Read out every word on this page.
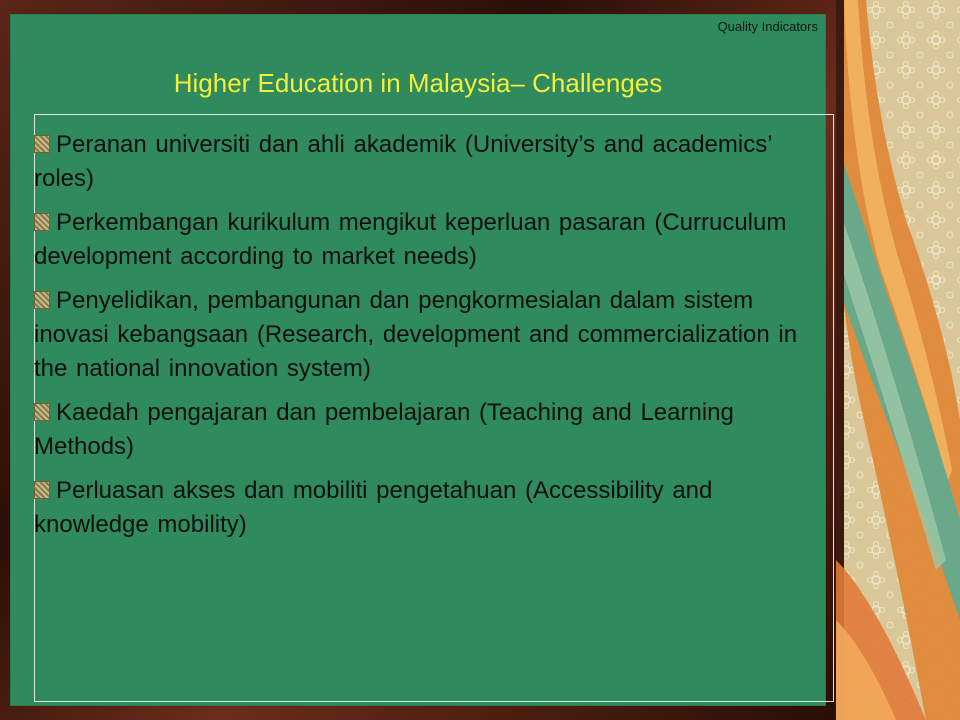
Quality Indicators
Higher Education in Malaysia– Challenges
Peranan universiti dan ahli akademik (University’s and academics’ roles)
Perkembangan kurikulum mengikut keperluan pasaran (Curruculum development according to market needs)
Penyelidikan, pembangunan dan pengkormesialan dalam sistem inovasi kebangsaan (Research, development and commercialization in the national innovation system)
Kaedah pengajaran dan pembelajaran (Teaching and Learning Methods)
Perluasan akses dan mobiliti pengetahuan (Accessibility and knowledge mobility)
